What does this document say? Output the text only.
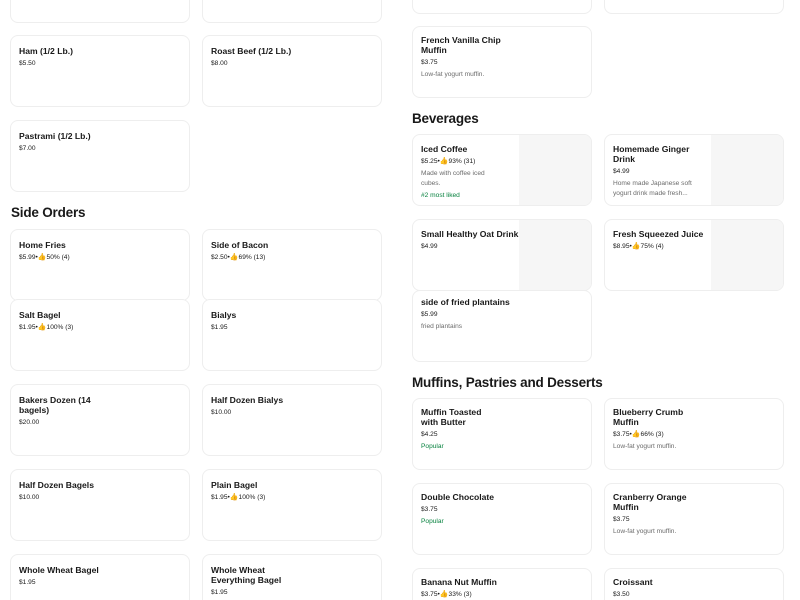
Ham (1/2 Lb.)
$5.50
Roast Beef (1/2 Lb.)
$8.00
Pastrami (1/2 Lb.)
$7.00
Side Orders
Home Fries
$5.99•👍50% (4)
Side of Bacon
$2.50•👍69% (13)
Salt Bagel
$1.95•👍100% (3)
Bialys
$1.95
Bakers Dozen (14 bagels)
$20.00
Half Dozen Bialys
$10.00
Half Dozen Bagels
$10.00
Plain Bagel
$1.95•👍100% (3)
Whole Wheat Bagel
$1.95
Whole Wheat Everything Bagel
$1.95
French Vanilla Chip Muffin
$3.75
Low-fat yogurt muffin.
Beverages
Iced Coffee
$5.25•👍93% (31)
Made with coffee iced cubes.
#2 most liked
Homemade Ginger Drink
$4.99
Home made Japanese soft yogurt drink made fresh...
Small Healthy Oat Drink
$4.99
Fresh Squeezed Juice
$8.95•👍75% (4)
side of fried plantains
$5.99
fried plantains
Muffins, Pastries and Desserts
Muffin Toasted with Butter
$4.25
Popular
Blueberry Crumb Muffin
$3.75•👍66% (3)
Low-fat yogurt muffin.
Double Chocolate
$3.75
Popular
Cranberry Orange Muffin
$3.75
Low-fat yogurt muffin.
Banana Nut Muffin
$3.75•👍33% (3)
Croissant
$3.50
